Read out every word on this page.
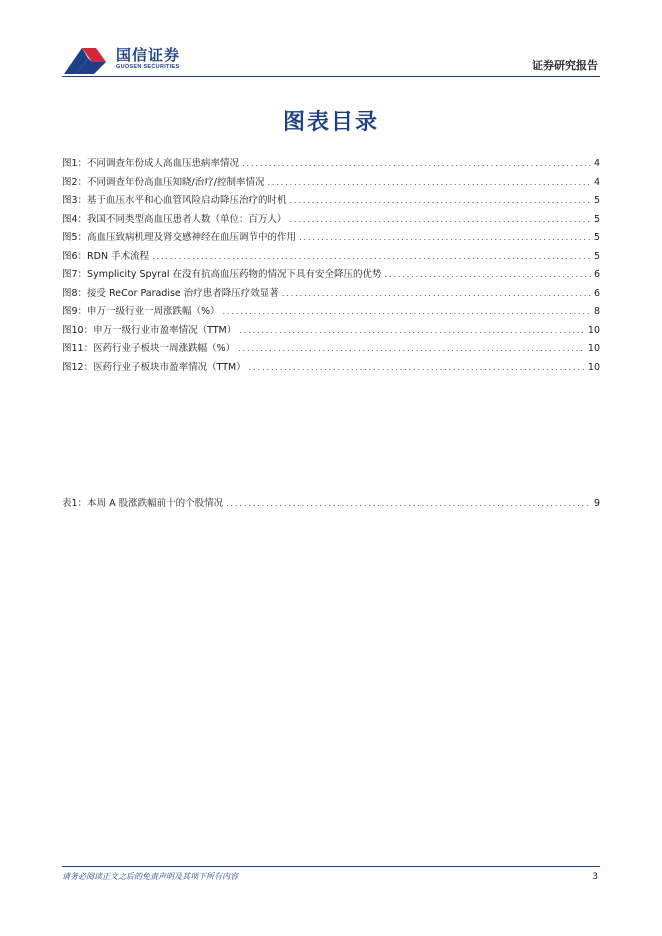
国信证券
GUOSEN SECURITIES	证券研究报告
图表目录
图1： 不同调查年份成人高血压患病率情况 .....	4
图2： 不同调查年份高血压知晓/治疗/控制率情况 .....	4
图3： 基于血压水平和心血管风险启动降压治疗的时机 .....	5
图4： 我国不同类型高血压患者人数（单位：百万人） .....	5
图5： 高血压致病机理及肾交感神经在血压调节中的作用 .....	5
图6： RDN 手术流程 .....	5
图7： Symplicity Spyral 在没有抗高血压药物的情况下具有安全降压的优势 .....	6
图8： 接受 ReCor Paradise 治疗患者降压疗效显著 .....	6
图9： 申万一级行业一周涨跌幅（%） .....	8
图10： 申万一级行业市盈率情况（TTM） .....	10
图11： 医药行业子板块一周涨跌幅（%） .....	10
图12： 医药行业子板块市盈率情况（TTM） .....	10
表1： 本周 A 股涨跌幅前十的个股情况 .....	9
请务必阅读正文之后的免责声明及其项下所有内容	3
